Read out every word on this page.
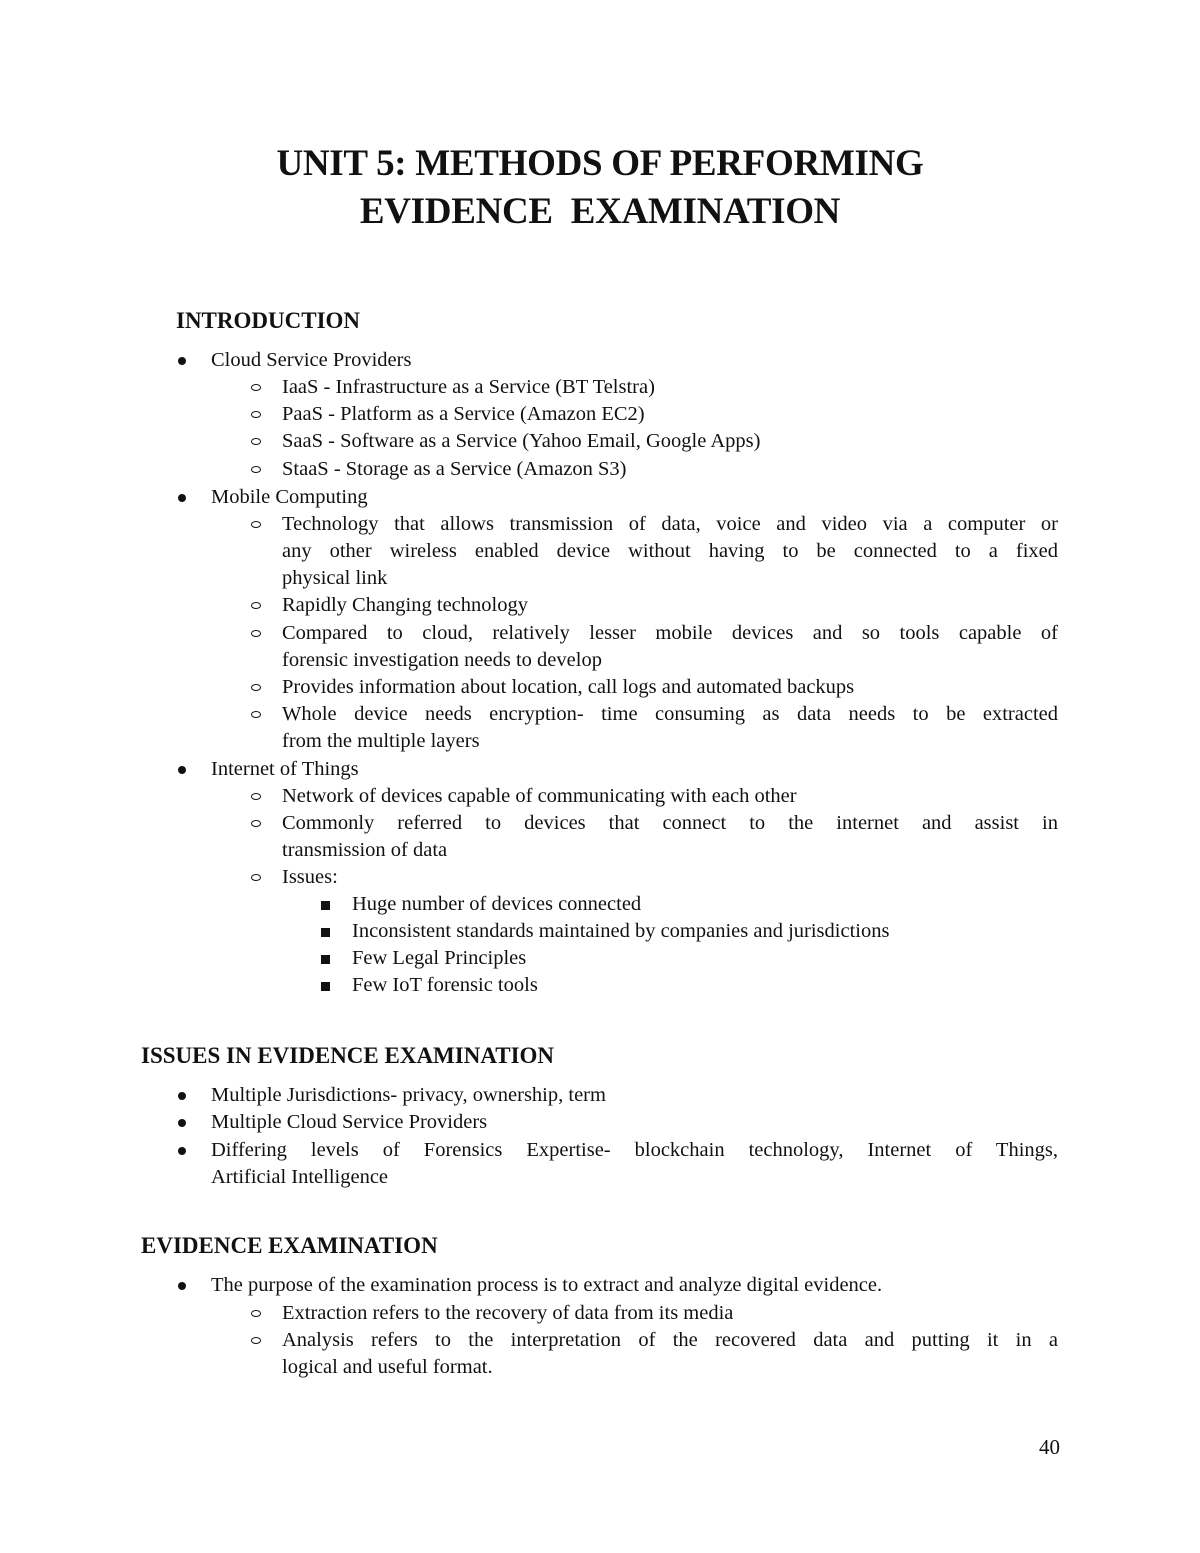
UNIT 5: METHODS OF PERFORMING
EVIDENCE  EXAMINATION
INTRODUCTION
Cloud Service Providers
IaaS - Infrastructure as a Service (BT Telstra)
PaaS - Platform as a Service (Amazon EC2)
SaaS - Software as a Service (Yahoo Email, Google Apps)
StaaS - Storage as a Service (Amazon S3)
Mobile Computing
Technology that allows transmission of data, voice and video via a computer or
any other wireless enabled device without having to be connected to a fixed
physical link
Rapidly Changing technology
Compared to cloud, relatively lesser mobile devices and so tools capable of
forensic investigation needs to develop
Provides information about location, call logs and automated backups
Whole device needs encryption- time consuming as data needs to be extracted
from the multiple layers
Internet of Things
Network of devices capable of communicating with each other
Commonly referred to devices that connect to the internet and assist in
transmission of data
Issues:
Huge number of devices connected
Inconsistent standards maintained by companies and jurisdictions
Few Legal Principles
Few IoT forensic tools
ISSUES IN EVIDENCE EXAMINATION
Multiple Jurisdictions- privacy, ownership, term
Multiple Cloud Service Providers
Differing levels of Forensics Expertise- blockchain technology, Internet of Things,
Artificial Intelligence
EVIDENCE EXAMINATION
The purpose of the examination process is to extract and analyze digital evidence.
Extraction refers to the recovery of data from its media
Analysis refers to the interpretation of the recovered data and putting it in a
logical and useful format.
40
